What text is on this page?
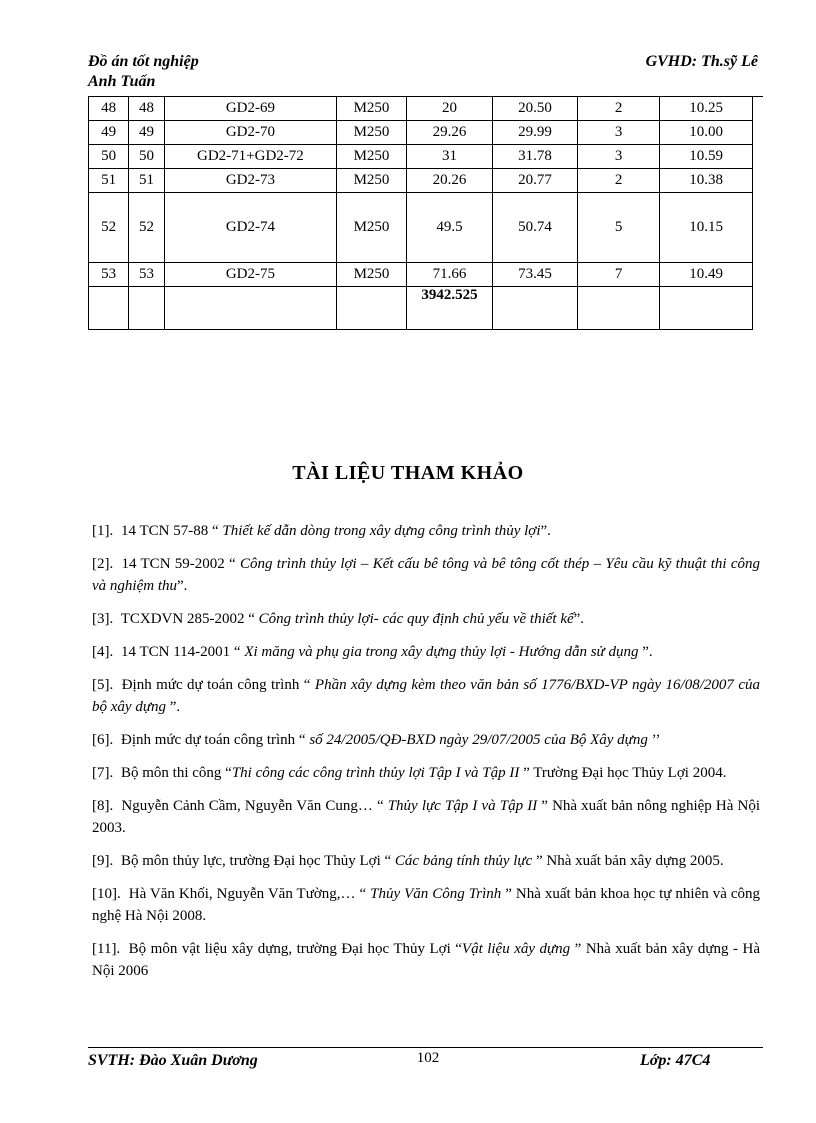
Đồ án tốt nghiệp
Anh Tuấn
GVHD: Th.sỹ Lê
48	48	GD2-69	M250	20	20.50	2	10.25
49	49	GD2-70	M250	29.26	29.99	3	10.00
50	50	GD2-71+GD2-72	M250	31	31.78	3	10.59
51	51	GD2-73	M250	20.26	20.77	2	10.38
52	52	GD2-74	M250	49.5	50.74	5	10.15
53	53	GD2-75	M250	71.66	73.45	7	10.49
				3942.525			
TÀI LIỆU THAM KHẢO
[1]. 14 TCN 57-88 “ Thiết kế dẫn dòng trong xây dựng công trình thủy lợi”.
[2]. 14 TCN 59-2002 “ Công trình thủy lợi – Kết cấu bê tông và bê tông cốt thép – Yêu cầu kỹ thuật thi công và nghiệm thu”.
[3]. TCXDVN 285-2002 “ Công trình thủy lợi- các quy định chủ yếu về thiết kế”.
[4]. 14 TCN 114-2001 “ Xi măng và phụ gia trong xây dựng thủy lợi - Hướng dẫn sử dụng ”.
[5]. Định mức dự toán công trình “ Phần xây dựng kèm theo văn bản số 1776/BXD-VP ngày 16/08/2007 của bộ xây dựng ”.
[6]. Định mức dự toán công trình “ số 24/2005/QĐ-BXD ngày 29/07/2005 của Bộ Xây dựng ’’
[7]. Bộ môn thi công “Thi công các công trình thủy lợi Tập I và Tập II ” Trường Đại học Thủy Lợi 2004.
[8]. Nguyễn Cảnh Cầm, Nguyễn Văn Cung… “ Thủy lực Tập I và Tập II ” Nhà xuất bản nông nghiệp Hà Nội 2003.
[9]. Bộ môn thủy lực, trường Đại học Thủy Lợi “ Các bảng tính thủy lực ” Nhà xuất bản xây dựng 2005.
[10]. Hà Văn Khối, Nguyễn Văn Tường,… “ Thủy Văn Công Trình ” Nhà xuất bản khoa học tự nhiên và công nghệ Hà Nội 2008.
[11]. Bộ môn vật liệu xây dựng, trường Đại học Thủy Lợi “Vật liệu xây dựng ” Nhà xuất bản xây dựng - Hà Nội 2006
SVTH: Đào Xuân Dương	102	Lớp: 47C4
